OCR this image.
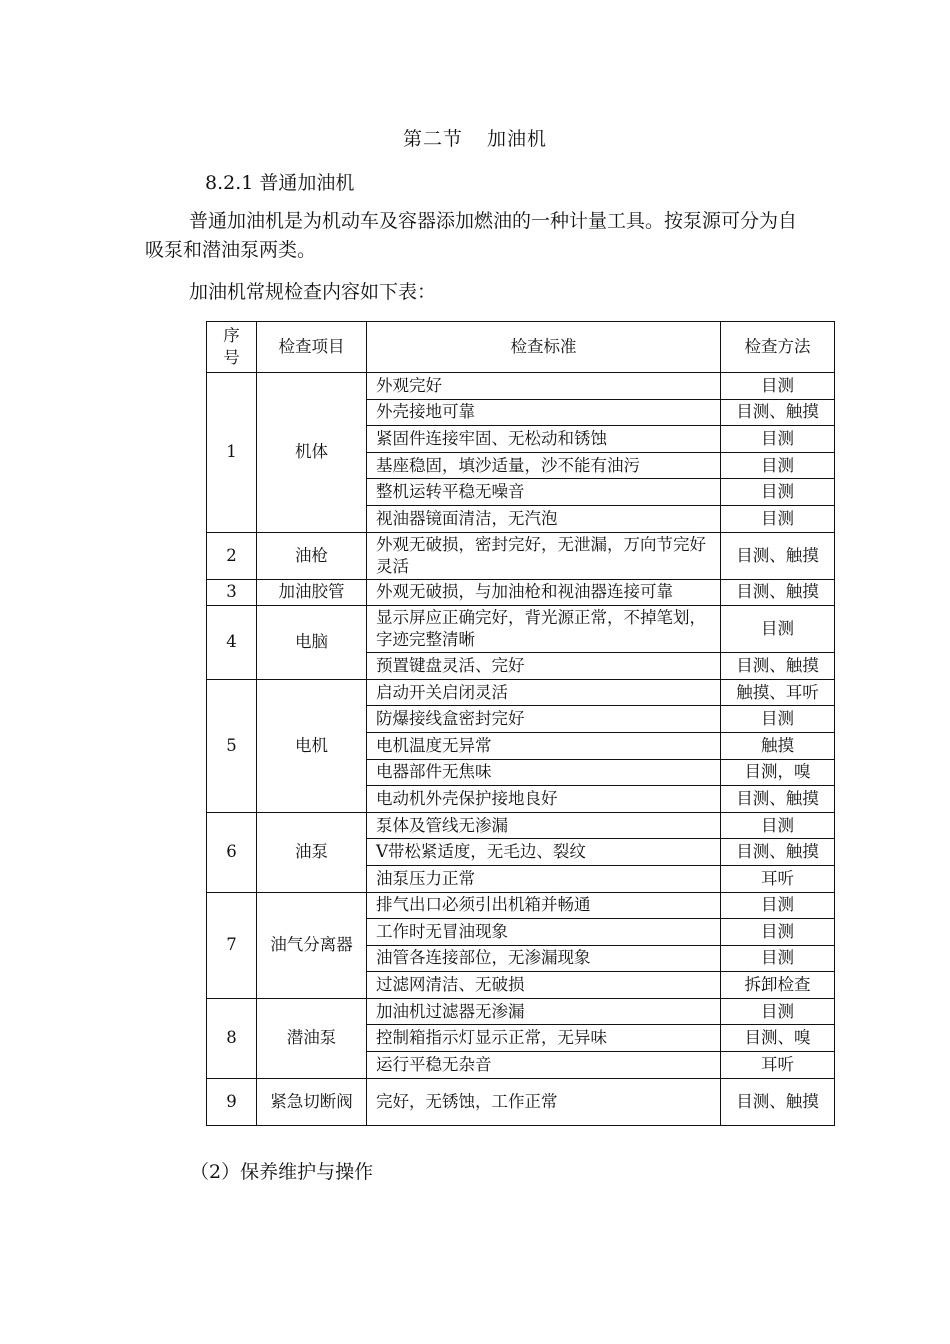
第二节 加油机
8.2.1 普通加油机
普通加油机是为机动车及容器添加燃油的一种计量工具。按泵源可分为自吸泵和潜油泵两类。
加油机常规检查内容如下表：
序号	检查项目	检查标准	检查方法
1	机体	外观完好	目测
		外壳接地可靠	目测、触摸
		紧固件连接牢固、无松动和锈蚀	目测
		基座稳固，填沙适量，沙不能有油污	目测
		整机运转平稳无噪音	目测
		视油器镜面清洁，无汽泡	目测
2	油枪	外观无破损，密封完好，无泄漏，万向节完好灵活	目测、触摸
3	加油胶管	外观无破损，与加油枪和视油器连接可靠	目测、触摸
4	电脑	显示屏应正确完好，背光源正常，不掉笔划，字迹完整清晰	目测
		预置键盘灵活、完好	目测、触摸
5	电机	启动开关启闭灵活	触摸、耳听
		防爆接线盒密封完好	目测
		电机温度无异常	触摸
		电器部件无焦味	目测，嗅
		电动机外壳保护接地良好	目测、触摸
6	油泵	泵体及管线无渗漏	目测
		V带松紧适度，无毛边、裂纹	目测、触摸
		油泵压力正常	耳听
7	油气分离器	排气出口必须引出机箱并畅通	目测
		工作时无冒油现象	目测
		油管各连接部位，无渗漏现象	目测
		过滤网清洁、无破损	拆卸检查
8	潜油泵	加油机过滤器无渗漏	目测
		控制箱指示灯显示正常，无异味	目测、嗅
		运行平稳无杂音	耳听
9	紧急切断阀	完好，无锈蚀，工作正常	目测、触摸
（2）保养维护与操作
